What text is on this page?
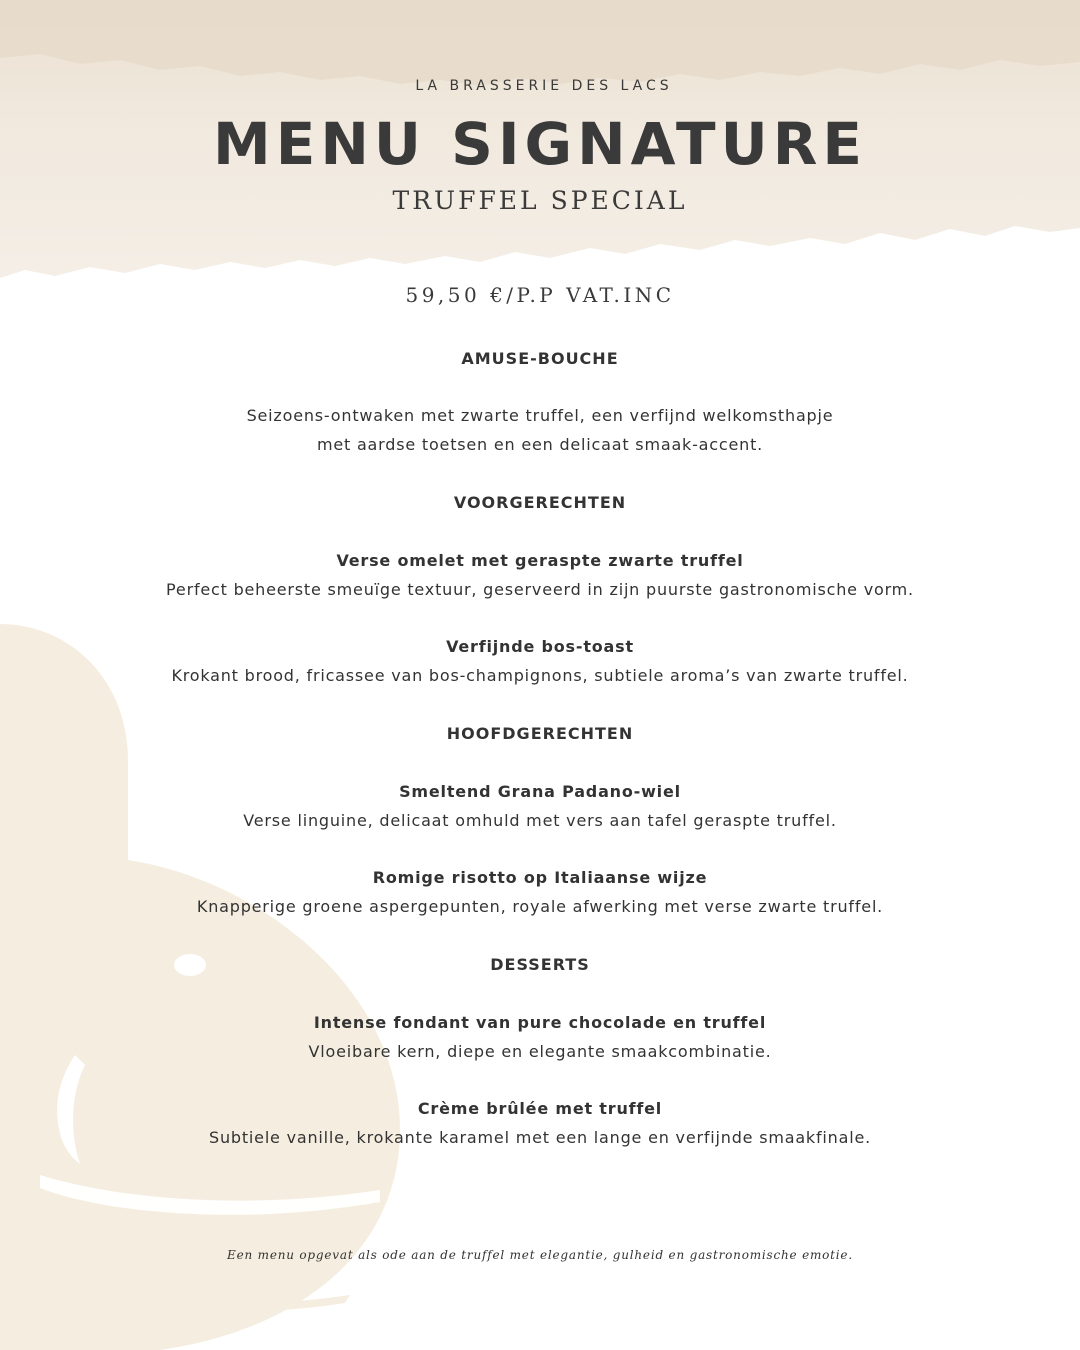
LA BRASSERIE DES LACS
MENU SIGNATURE
TRUFFEL SPECIAL
59,50 €/P.P VAT.INC
AMUSE-BOUCHE
Seizoens-ontwaken met zwarte truffel, een verfijnd welkomsthapje
met aardse toetsen en een delicaat smaak-accent.
VOORGERECHTEN
Verse omelet met geraspte zwarte truffel
Perfect beheerste smeuïge textuur, geserveerd in zijn puurste gastronomische vorm.
Verfijnde bos-toast
Krokant brood, fricassee van bos-champignons, subtiele aroma’s van zwarte truffel.
HOOFDGERECHTEN
Smeltend Grana Padano-wiel
Verse linguine, delicaat omhuld met vers aan tafel geraspte truffel.
Romige risotto op Italiaanse wijze
Knapperige groene aspergepunten, royale afwerking met verse zwarte truffel.
DESSERTS
Intense fondant van pure chocolade en truffel
Vloeibare kern, diepe en elegante smaakcombinatie.
Crème brûlée met truffel
Subtiele vanille, krokante karamel met een lange en verfijnde smaakfinale.
Een menu opgevat als ode aan de truffel met elegantie, gulheid en gastronomische emotie.
